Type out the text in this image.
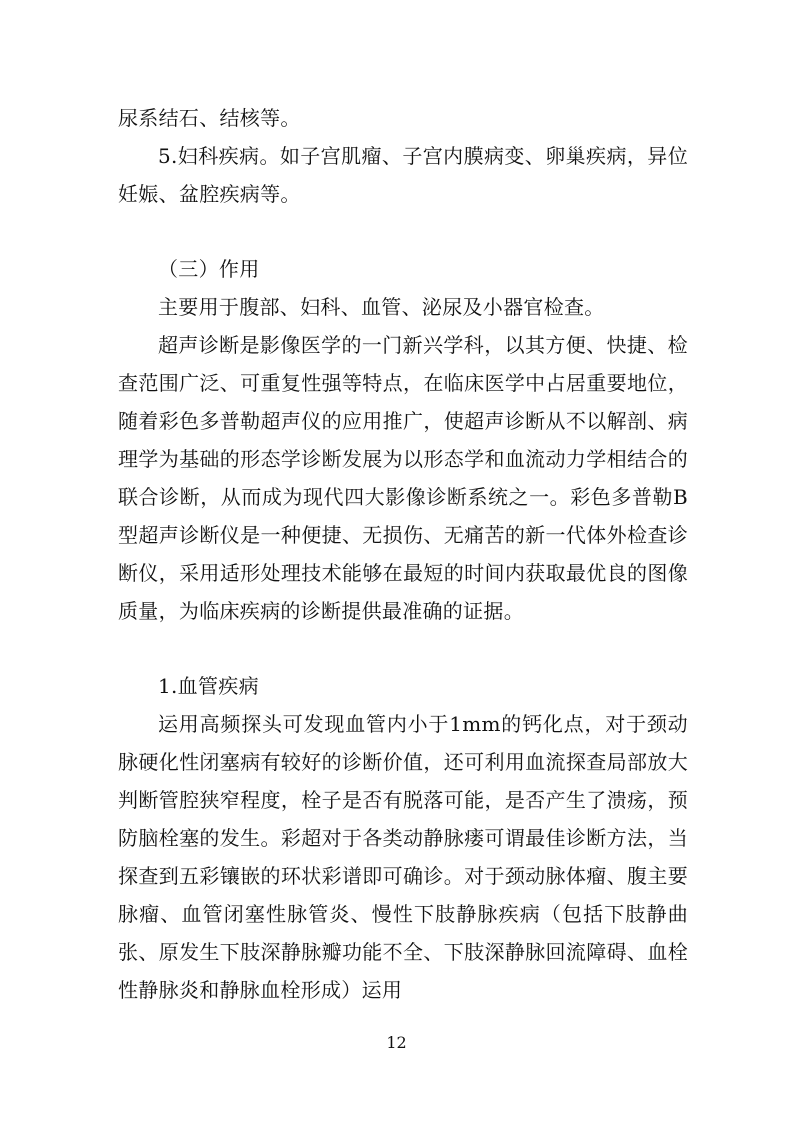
尿系结石、结核等。

5.妇科疾病。如子宫肌瘤、子宫内膜病变、卵巢疾病，异位妊娠、盆腔疾病等。

（三）作用

主要用于腹部、妇科、血管、泌尿及小器官检查。

超声诊断是影像医学的一门新兴学科，以其方便、快捷、检查范围广泛、可重复性强等特点，在临床医学中占居重要地位，随着彩色多普勒超声仪的应用推广，使超声诊断从不以解剖、病理学为基础的形态学诊断发展为以形态学和血流动力学相结合的联合诊断，从而成为现代四大影像诊断系统之一。彩色多普勒B型超声诊断仪是一种便捷、无损伤、无痛苦的新一代体外检查诊断仪，采用适形处理技术能够在最短的时间内获取最优良的图像质量，为临床疾病的诊断提供最准确的证据。

1.血管疾病

运用高频探头可发现血管内小于1mm的钙化点，对于颈动脉硬化性闭塞病有较好的诊断价值，还可利用血流探查局部放大判断管腔狭窄程度，栓子是否有脱落可能，是否产生了溃疡，预防脑栓塞的发生。彩超对于各类动静脉瘘可谓最佳诊断方法，当探查到五彩镶嵌的环状彩谱即可确诊。对于颈动脉体瘤、腹主要脉瘤、血管闭塞性脉管炎、慢性下肢静脉疾病（包括下肢静曲张、原发生下肢深静脉瓣功能不全、下肢深静脉回流障碍、血栓性静脉炎和静脉血栓形成）运用

12
